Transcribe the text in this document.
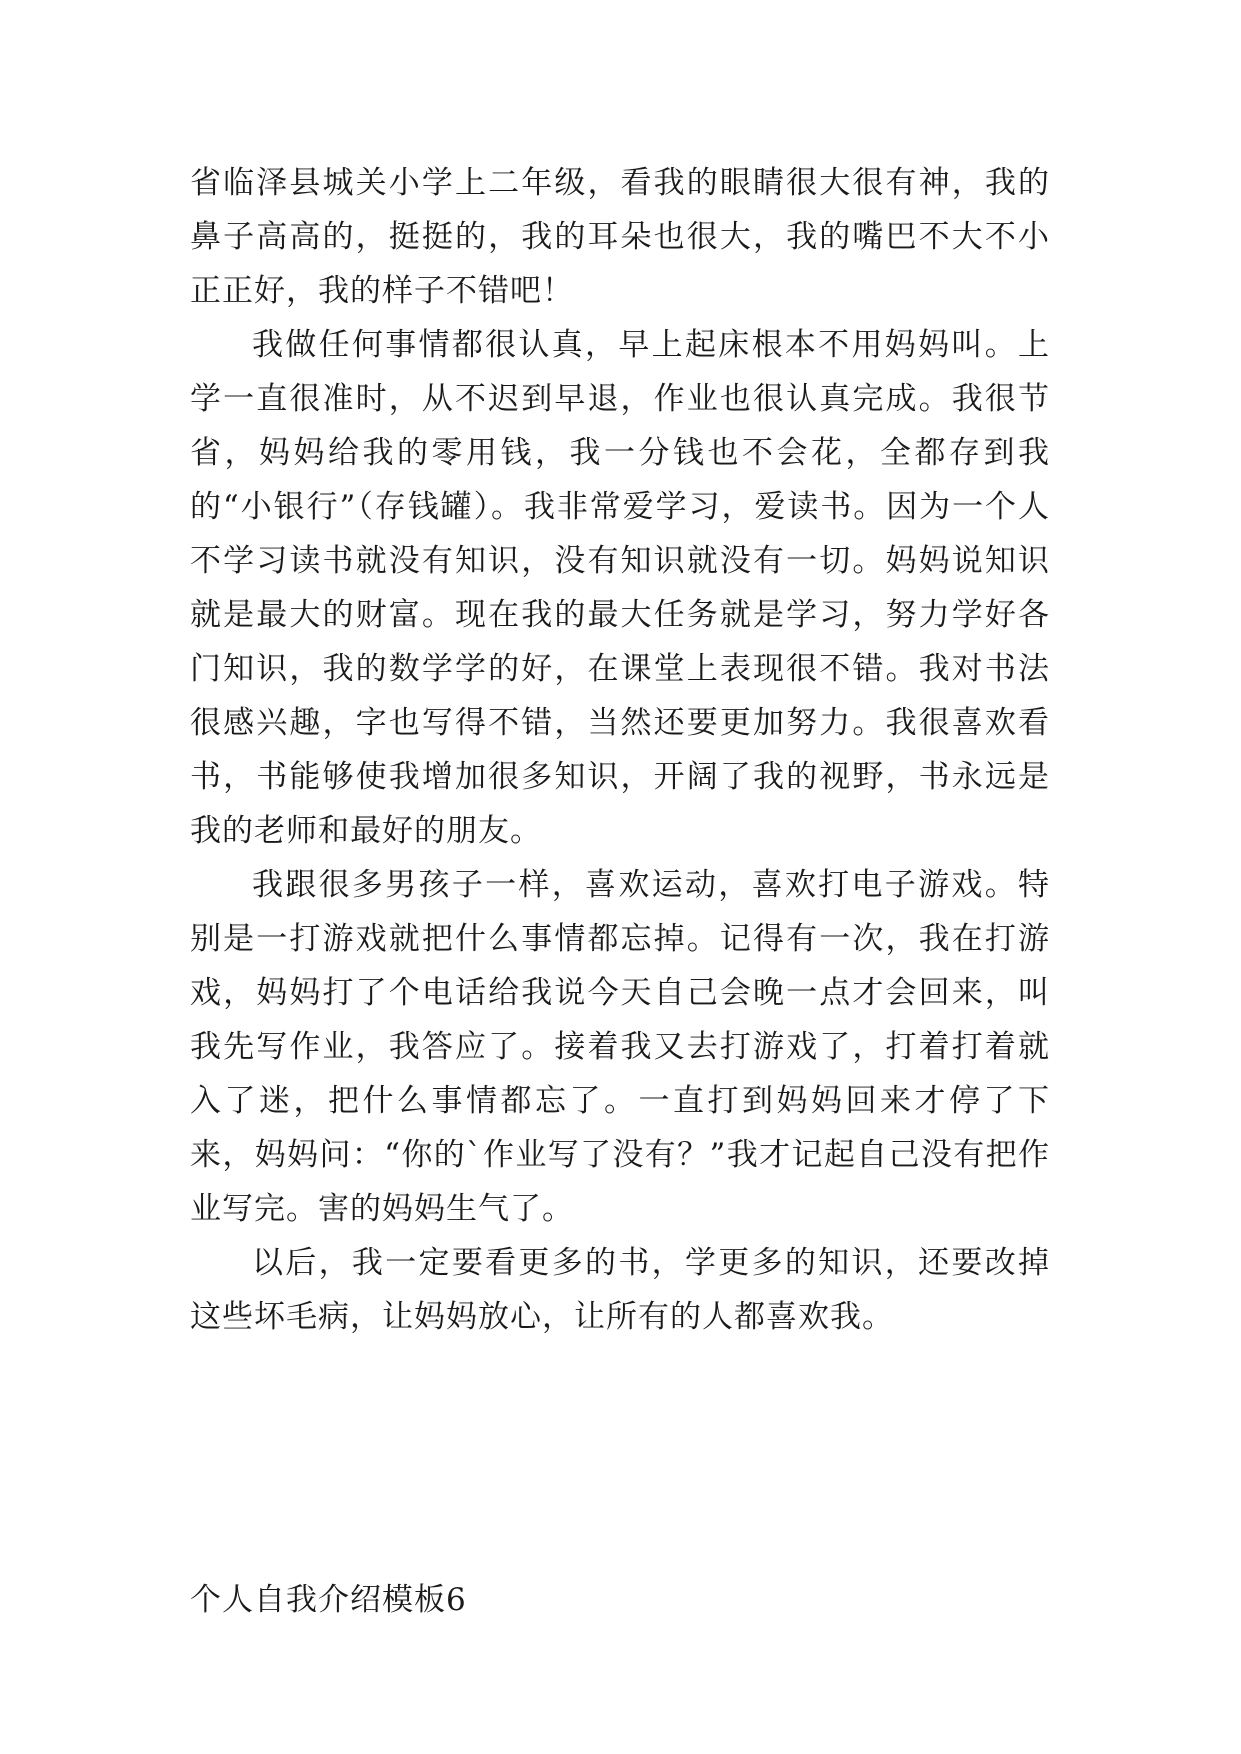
省临泽县城关小学上二年级，看我的眼睛很大很有神，我的鼻子高高的，挺挺的，我的耳朵也很大，我的嘴巴不大不小正正好，我的样子不错吧！

我做任何事情都很认真，早上起床根本不用妈妈叫。上学一直很准时，从不迟到早退，作业也很认真完成。我很节省，妈妈给我的零用钱，我一分钱也不会花，全都存到我的“小银行”（存钱罐）。我非常爱学习，爱读书。因为一个人不学习读书就没有知识，没有知识就没有一切。妈妈说知识就是最大的财富。现在我的最大任务就是学习，努力学好各门知识，我的数学学的好，在课堂上表现很不错。我对书法很感兴趣，字也写得不错，当然还要更加努力。我很喜欢看书，书能够使我增加很多知识，开阔了我的视野，书永远是我的老师和最好的朋友。

我跟很多男孩子一样，喜欢运动，喜欢打电子游戏。特别是一打游戏就把什么事情都忘掉。记得有一次，我在打游戏，妈妈打了个电话给我说今天自己会晚一点才会回来，叫我先写作业，我答应了。接着我又去打游戏了，打着打着就入了迷，把什么事情都忘了。一直打到妈妈回来才停了下来，妈妈问：“你的`作业写了没有？”我才记起自己没有把作业写完。害的妈妈生气了。

以后，我一定要看更多的书，学更多的知识，还要改掉这些坏毛病，让妈妈放心，让所有的人都喜欢我。

个人自我介绍模板6
